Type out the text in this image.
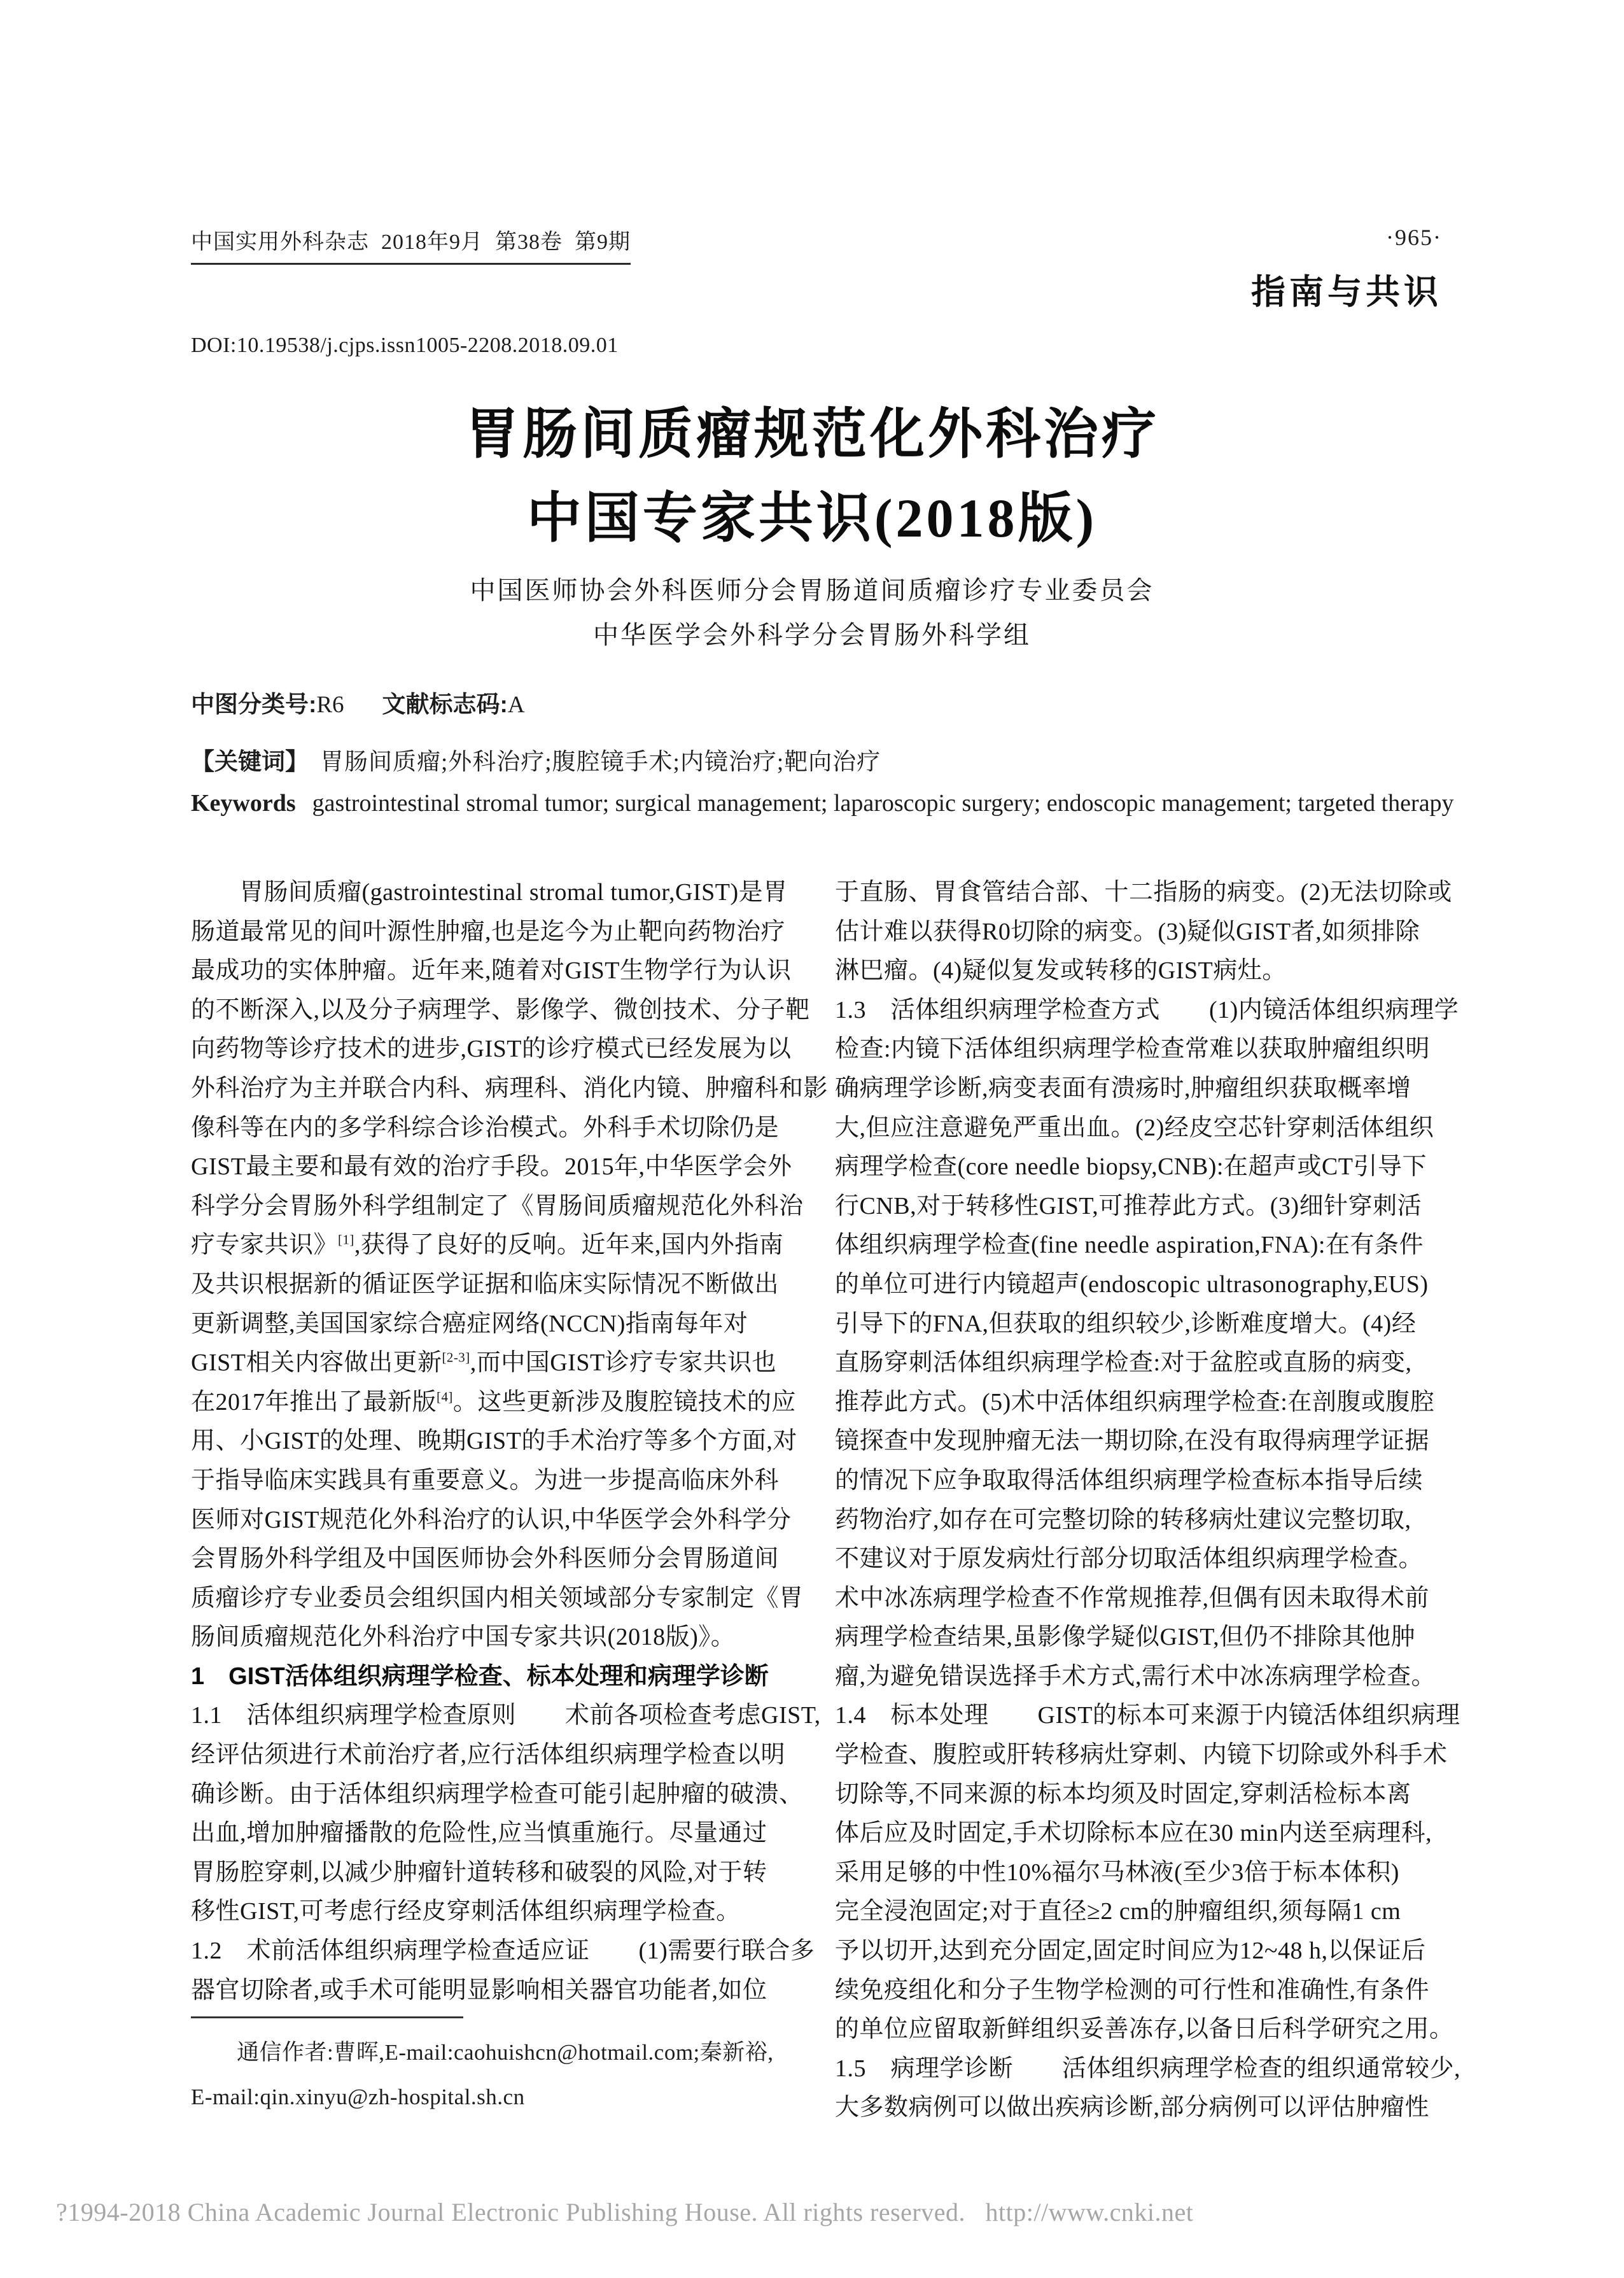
中国实用外科杂志  2018年9月  第38卷  第9期	·965·
指南与共识
DOI:10.19538/j.cjps.issn1005-2208.2018.09.01
胃肠间质瘤规范化外科治疗
中国专家共识(2018版)
中国医师协会外科医师分会胃肠道间质瘤诊疗专业委员会
中华医学会外科学分会胃肠外科学组
中图分类号:R6 文献标志码:A
【关键词】 胃肠间质瘤;外科治疗;腹腔镜手术;内镜治疗;靶向治疗
Keywords gastrointestinal stromal tumor; surgical management; laparoscopic surgery; endoscopic management; targeted therapy
胃肠间质瘤(gastrointestinal stromal tumor,GIST)是胃
肠道最常见的间叶源性肿瘤,也是迄今为止靶向药物治疗
最成功的实体肿瘤。近年来,随着对GIST生物学行为认识
的不断深入,以及分子病理学、影像学、微创技术、分子靶
向药物等诊疗技术的进步,GIST的诊疗模式已经发展为以
外科治疗为主并联合内科、病理科、消化内镜、肿瘤科和影
像科等在内的多学科综合诊治模式。外科手术切除仍是
GIST最主要和最有效的治疗手段。2015年,中华医学会外
科学分会胃肠外科学组制定了《胃肠间质瘤规范化外科治
疗专家共识》[1],获得了良好的反响。近年来,国内外指南
及共识根据新的循证医学证据和临床实际情况不断做出
更新调整,美国国家综合癌症网络(NCCN)指南每年对
GIST相关内容做出更新[2-3],而中国GIST诊疗专家共识也
在2017年推出了最新版[4]。这些更新涉及腹腔镜技术的应
用、小GIST的处理、晚期GIST的手术治疗等多个方面,对
于指导临床实践具有重要意义。为进一步提高临床外科
医师对GIST规范化外科治疗的认识,中华医学会外科学分
会胃肠外科学组及中国医师协会外科医师分会胃肠道间
质瘤诊疗专业委员会组织国内相关领域部分专家制定《胃
肠间质瘤规范化外科治疗中国专家共识(2018版)》。
1　GIST活体组织病理学检查、标本处理和病理学诊断
1.1　活体组织病理学检查原则　　术前各项检查考虑GIST,
经评估须进行术前治疗者,应行活体组织病理学检查以明
确诊断。由于活体组织病理学检查可能引起肿瘤的破溃、
出血,增加肿瘤播散的危险性,应当慎重施行。尽量通过
胃肠腔穿刺,以减少肿瘤针道转移和破裂的风险,对于转
移性GIST,可考虑行经皮穿刺活体组织病理学检查。
1.2　术前活体组织病理学检查适应证　　(1)需要行联合多
器官切除者,或手术可能明显影响相关器官功能者,如位
于直肠、胃食管结合部、十二指肠的病变。(2)无法切除或
估计难以获得R0切除的病变。(3)疑似GIST者,如须排除
淋巴瘤。(4)疑似复发或转移的GIST病灶。
1.3　活体组织病理学检查方式　　(1)内镜活体组织病理学
检查:内镜下活体组织病理学检查常难以获取肿瘤组织明
确病理学诊断,病变表面有溃疡时,肿瘤组织获取概率增
大,但应注意避免严重出血。(2)经皮空芯针穿刺活体组织
病理学检查(core needle biopsy,CNB):在超声或CT引导下
行CNB,对于转移性GIST,可推荐此方式。(3)细针穿刺活
体组织病理学检查(fine needle aspiration,FNA):在有条件
的单位可进行内镜超声(endoscopic ultrasonography,EUS)
引导下的FNA,但获取的组织较少,诊断难度增大。(4)经
直肠穿刺活体组织病理学检查:对于盆腔或直肠的病变,
推荐此方式。(5)术中活体组织病理学检查:在剖腹或腹腔
镜探查中发现肿瘤无法一期切除,在没有取得病理学证据
的情况下应争取取得活体组织病理学检查标本指导后续
药物治疗,如存在可完整切除的转移病灶建议完整切取,
不建议对于原发病灶行部分切取活体组织病理学检查。
术中冰冻病理学检查不作常规推荐,但偶有因未取得术前
病理学检查结果,虽影像学疑似GIST,但仍不排除其他肿
瘤,为避免错误选择手术方式,需行术中冰冻病理学检查。
1.4　标本处理　　GIST的标本可来源于内镜活体组织病理
学检查、腹腔或肝转移病灶穿刺、内镜下切除或外科手术
切除等,不同来源的标本均须及时固定,穿刺活检标本离
体后应及时固定,手术切除标本应在30 min内送至病理科,
采用足够的中性10%福尔马林液(至少3倍于标本体积)
完全浸泡固定;对于直径≥2 cm的肿瘤组织,须每隔1 cm
予以切开,达到充分固定,固定时间应为12~48 h,以保证后
续免疫组化和分子生物学检测的可行性和准确性,有条件
的单位应留取新鲜组织妥善冻存,以备日后科学研究之用。
1.5　病理学诊断　　活体组织病理学检查的组织通常较少,
大多数病例可以做出疾病诊断,部分病例可以评估肿瘤性
通信作者:曹晖,E-mail:caohuishcn@hotmail.com;秦新裕,
E-mail:qin.xinyu@zh-hospital.sh.cn
?1994-2018 China Academic Journal Electronic Publishing House. All rights reserved.   http://www.cnki.net
